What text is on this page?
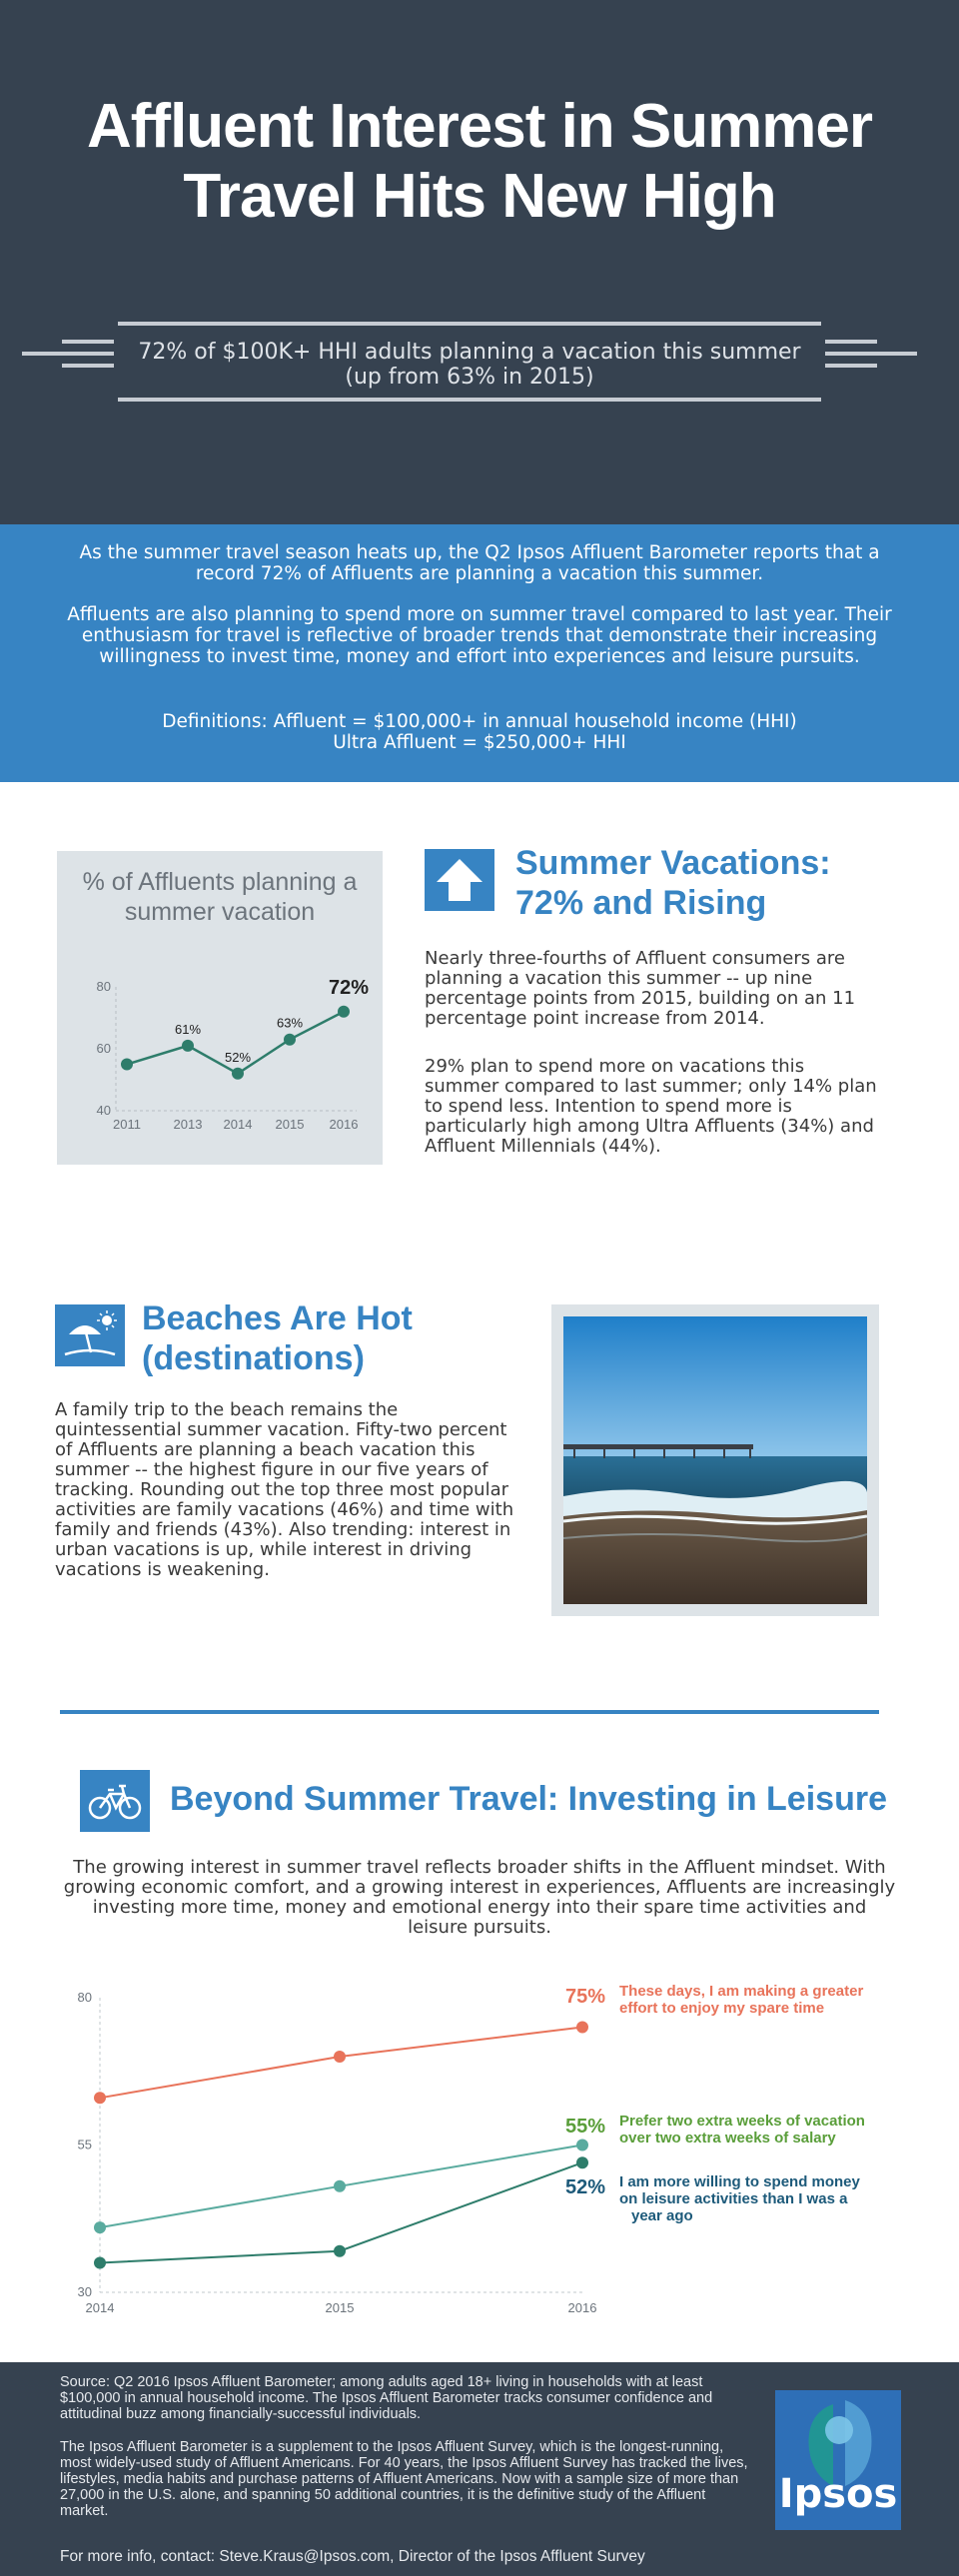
Affluent Interest in Summer Travel Hits New High
72% of $100K+ HHI adults planning a vacation this summer (up from 63% in 2015)

As the summer travel season heats up, the Q2 Ipsos Affluent Barometer reports that a record 72% of Affluents are planning a vacation this summer.

Affluents are also planning to spend more on summer travel compared to last year. Their enthusiasm for travel is reflective of broader trends that demonstrate their increasing willingness to invest time, money and effort into experiences and leisure pursuits.

Definitions: Affluent = $100,000+ in annual household income (HHI)

Ultra Affluent = $250,000+ HHI

% of Affluents planning a summer vacation
40
60
80
2011	2013 2014 2015 2016
61%
52%
63%
72%
Summer Vacations: 72% and Rising

Nearly three-fourths of Affluent consumers are planning a vacation this summer -- up nine percentage points from 2015, building on an 11 percentage point increase from 2014.

29% plan to spend more on vacations this summer compared to last summer; only 14% plan to spend less. Intention to spend more is particularly high among Ultra Affluents (34%) and Affluent Millennials (44%).

Beaches Are Hot (destinations)

A family trip to the beach remains the quintessential summer vacation. Fifty-two percent of Affluents are planning a beach vacation this summer -- the highest figure in our five years of tracking. Rounding out the top three most popular activities are family vacations (46%) and time with family and friends (43%). Also trending: interest in urban vacations is up, while interest in driving vacations is weakening.

Beyond Summer Travel: Investing in Leisure

The growing interest in summer travel reflects broader shifts in the Affluent mindset. With growing economic comfort, and a growing interest in experiences, Affluents are increasingly investing more time, money and emotional energy into their spare time activities and leisure pursuits.

30
55
80
2014	2015	2016
75% These days, I am making a greater effort to enjoy my spare time
55% Prefer two extra weeks of vacation over two extra weeks of salary
52% I am more willing to spend money on leisure activities than I was a year ago

Source: Q2 2016 Ipsos Affluent Barometer; among adults aged 18+ living in households with at least $100,000 in annual household income. The Ipsos Affluent Barometer tracks consumer confidence and attitudinal buzz among financially-successful individuals.

The Ipsos Affluent Barometer is a supplement to the Ipsos Affluent Survey, which is the longest-running, most widely-used study of Affluent Americans. For 40 years, the Ipsos Affluent Survey has tracked the lives, lifestyles, media habits and purchase patterns of Affluent Americans. Now with a sample size of more than 27,000 in the U.S. alone, and spanning 50 additional countries, it is the definitive study of the Affluent market.

For more info, contact: Steve.Kraus@Ipsos.com, Director of the Ipsos Affluent Survey

Ipsos
